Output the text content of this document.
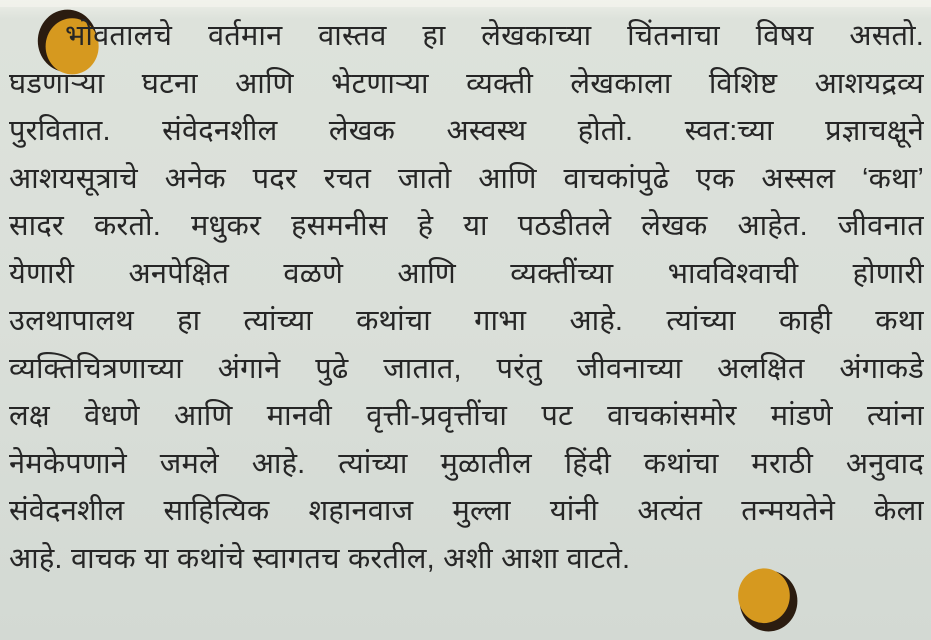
भोवतालचे वर्तमान वास्तव हा लेखकाच्या चिंतनाचा विषय असतो.
घडणाऱ्या घटना आणि भेटणाऱ्या व्यक्ती लेखकाला विशिष्ट आशयद्रव्य
पुरवितात. संवेदनशील लेखक अस्वस्थ होतो. स्वत:च्या प्रज्ञाचक्षूने
आशयसूत्राचे अनेक पदर रचत जातो आणि वाचकांपुढे एक अस्सल ‘कथा’
सादर करतो. मधुकर हसमनीस हे या पठडीतले लेखक आहेत. जीवनात
येणारी अनपेक्षित वळणे आणि व्यक्तींच्या भावविश्वाची होणारी
उलथापालथ हा त्यांच्या कथांचा गाभा आहे. त्यांच्या काही कथा
व्यक्तिचित्रणाच्या अंगाने पुढे जातात, परंतु जीवनाच्या अलक्षित अंगाकडे
लक्ष वेधणे आणि मानवी वृत्ती-प्रवृत्तींचा पट वाचकांसमोर मांडणे त्यांना
नेमकेपणाने जमले आहे. त्यांच्या मुळातील हिंदी कथांचा मराठी अनुवाद
संवेदनशील साहित्यिक शहानवाज मुल्ला यांनी अत्यंत तन्मयतेने केला
आहे. वाचक या कथांचे स्वागतच करतील, अशी आशा वाटते.
